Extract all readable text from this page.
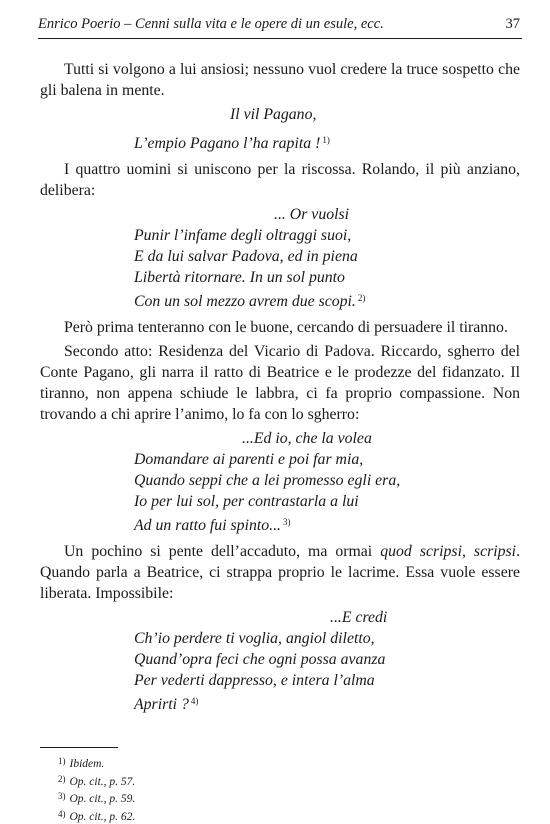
Enrico Poerio – Cenni sulla vita e le opere di un esule, ecc.	37

Tutti si volgono a lui ansiosi; nessuno vuol credere la truce sospetto che gli balena in mente.

Il vil Pagano,
L’empio Pagano l’ha rapita ! $^{1)}$

I quattro uomini si uniscono per la riscossa. Rolando, il più anziano, delibera:

... Or vuolsi
Punir l’infame degli oltraggi suoi,
E da lui salvar Padova, ed in piena
Libertà ritornare. In un sol punto
Con un sol mezzo avrem due scopi. $^{2)}$

Però prima tenteranno con le buone, cercando di persuadere il tiranno.

Secondo atto: Residenza del Vicario di Padova. Riccardo, sgherro del Conte Pagano, gli narra il ratto di Beatrice e le prodezze del fidanzato. Il tiranno, non appena schiude le labbra, ci fa proprio compassione. Non trovando a chi aprire l’animo, lo fa con lo sgherro:

...Ed io, che la volea
Domandare ai parenti e poi far mia,
Quando seppi che a lei promesso egli era,
Io per lui sol, per contrastarla a lui
Ad un ratto fui spinto... $^{3)}$

Un pochino si pente dell’accaduto, ma ormai quod scripsi, scripsi. Quando parla a Beatrice, ci strappa proprio le lacrime. Essa vuole essere liberata. Impossibile:

...E credi
Ch’io perdere ti voglia, angiol diletto,
Quand’opra feci che ogni possa avanza
Per vederti dappresso, e intera l’alma
Aprirti ? $^{4)}$
$^{1)}$ Ibidem.
$^{2)}$ Op. cit., p. 57.
$^{3)}$ Op. cit., p. 59.
$^{4)}$ Op. cit., p. 62.
